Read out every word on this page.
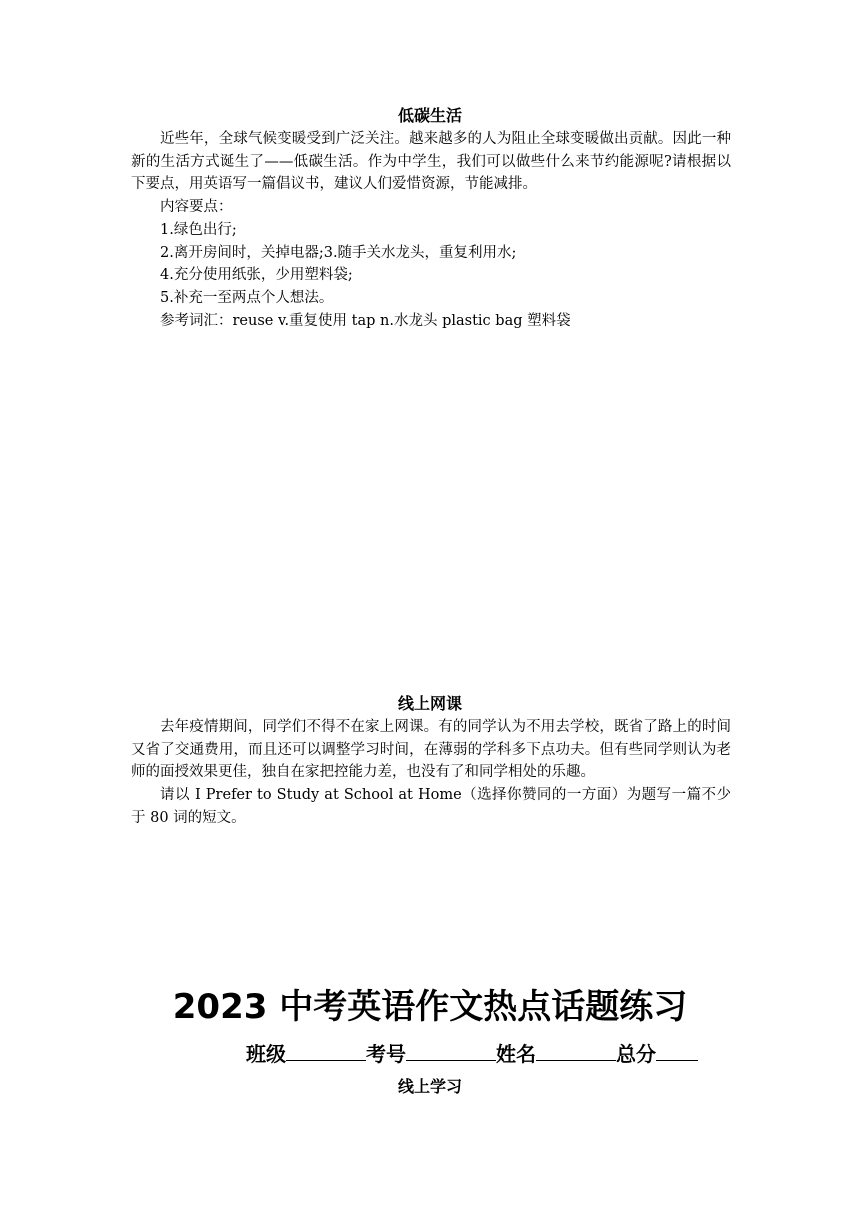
低碳生活

近些年，全球气候变暖受到广泛关注。越来越多的人为阻止全球变暖做出贡献。因此一种新的生活方式诞生了——低碳生活。作为中学生，我们可以做些什么来节约能源呢?请根据以下要点，用英语写一篇倡议书，建议人们爱惜资源，节能减排。

内容要点：

1.绿色出行;

2.离开房间时，关掉电器;3.随手关水龙头，重复利用水;

4.充分使用纸张，少用塑料袋;

5.补充一至两点个人想法。

参考词汇：reuse v.重复使用 tap n.水龙头 plastic bag 塑料袋

线上网课

去年疫情期间，同学们不得不在家上网课。有的同学认为不用去学校，既省了路上的时间又省了交通费用，而且还可以调整学习时间，在薄弱的学科多下点功夫。但有些同学则认为老师的面授效果更佳，独自在家把控能力差，也没有了和同学相处的乐趣。

请以 I Prefer to Study at School at Home（选择你赞同的一方面）为题写一篇不少于 80 词的短文。

2023 中考英语作文热点话题练习
班级	考号	姓名	总分
线上学习
